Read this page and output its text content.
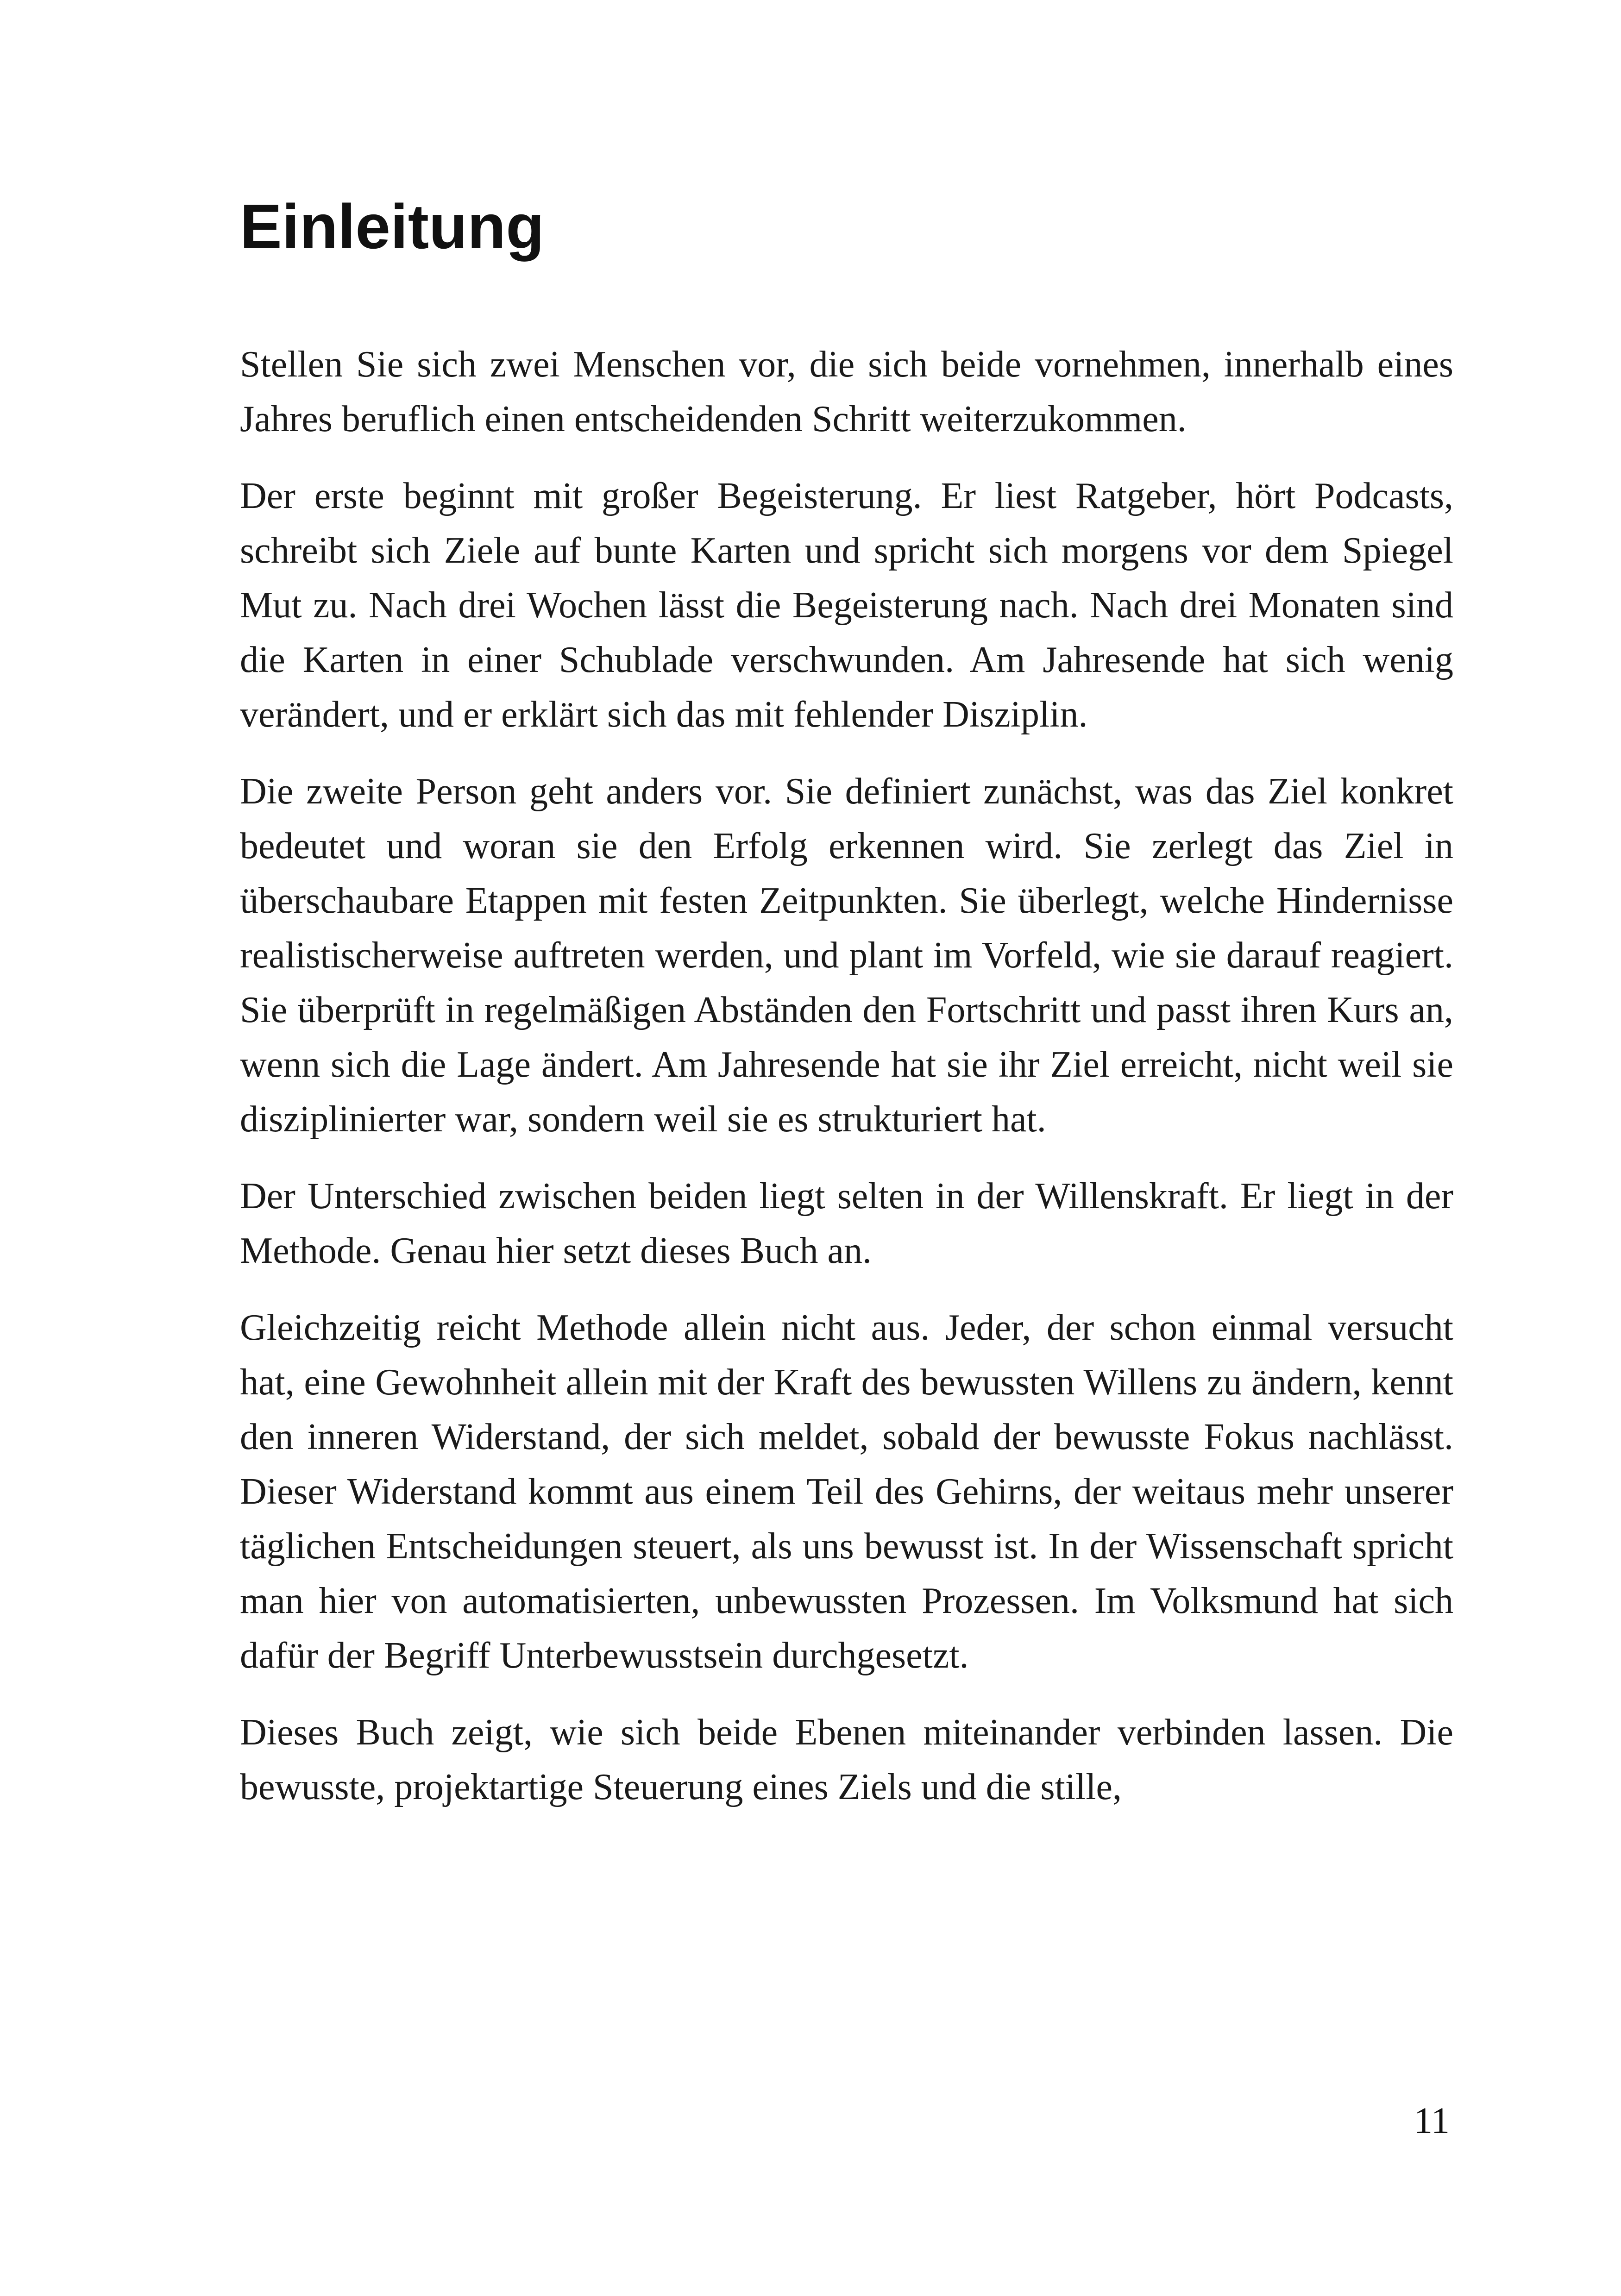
Einleitung

Stellen Sie sich zwei Menschen vor, die sich beide vornehmen, innerhalb eines Jahres beruflich einen entscheidenden Schritt weiterzukommen.

Der erste beginnt mit großer Begeisterung. Er liest Ratgeber, hört Podcasts, schreibt sich Ziele auf bunte Karten und spricht sich morgens vor dem Spiegel Mut zu. Nach drei Wochen lässt die Begeisterung nach. Nach drei Monaten sind die Karten in einer Schublade verschwunden. Am Jahresende hat sich wenig verändert, und er erklärt sich das mit fehlender Disziplin.

Die zweite Person geht anders vor. Sie definiert zunächst, was das Ziel konkret bedeutet und woran sie den Erfolg erkennen wird. Sie zerlegt das Ziel in überschaubare Etappen mit festen Zeitpunkten. Sie überlegt, welche Hindernisse realistischerweise auftreten werden, und plant im Vorfeld, wie sie darauf reagiert. Sie überprüft in regelmäßigen Abständen den Fortschritt und passt ihren Kurs an, wenn sich die Lage ändert. Am Jahresende hat sie ihr Ziel erreicht, nicht weil sie disziplinierter war, sondern weil sie es strukturiert hat.

Der Unterschied zwischen beiden liegt selten in der Willenskraft. Er liegt in der Methode. Genau hier setzt dieses Buch an.

Gleichzeitig reicht Methode allein nicht aus. Jeder, der schon einmal versucht hat, eine Gewohnheit allein mit der Kraft des bewussten Willens zu ändern, kennt den inneren Widerstand, der sich meldet, sobald der bewusste Fokus nachlässt. Dieser Widerstand kommt aus einem Teil des Gehirns, der weitaus mehr unserer täglichen Entscheidungen steuert, als uns bewusst ist. In der Wissenschaft spricht man hier von automatisierten, unbewussten Prozessen. Im Volksmund hat sich dafür der Begriff Unterbewusstsein durchgesetzt.

Dieses Buch zeigt, wie sich beide Ebenen miteinander verbinden lassen. Die bewusste, projektartige Steuerung eines Ziels und die stille,

11
